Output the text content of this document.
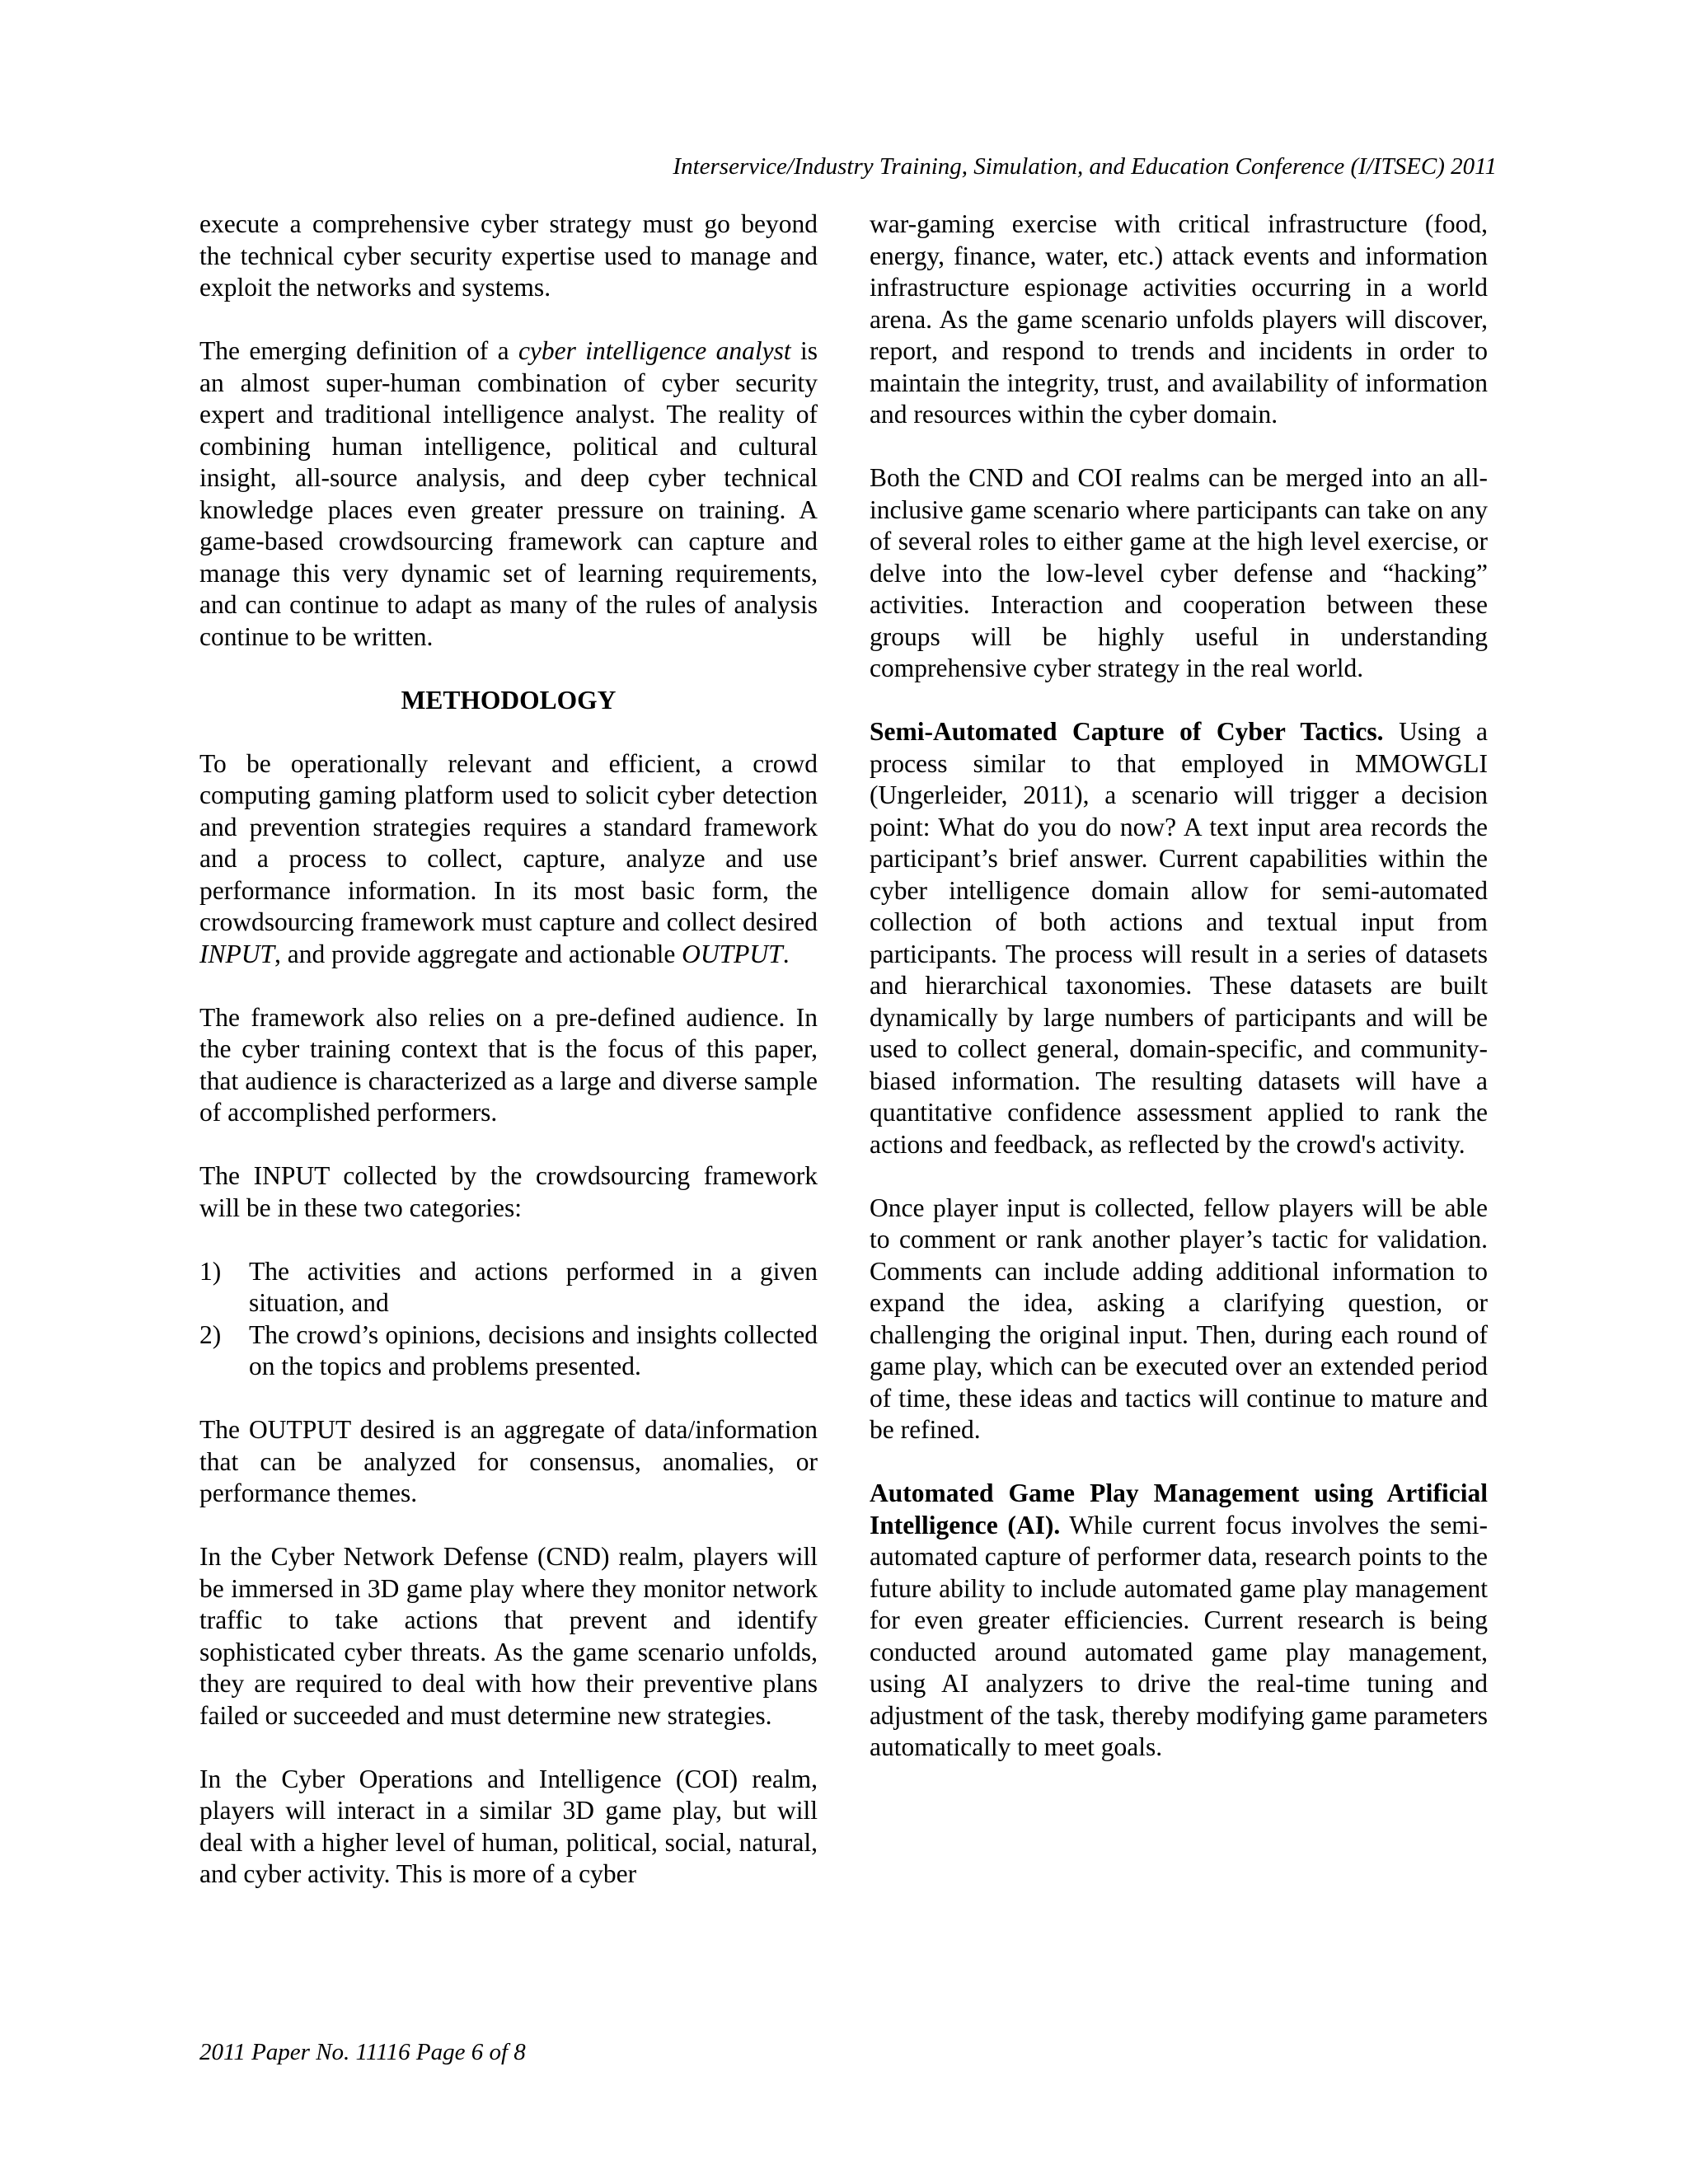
Interservice/Industry Training, Simulation, and Education Conference (I/ITSEC) 2011

execute a comprehensive cyber strategy must go beyond the technical cyber security expertise used to manage and exploit the networks and systems.

The emerging definition of a cyber intelligence analyst is an almost super-human combination of cyber security expert and traditional intelligence analyst. The reality of combining human intelligence, political and cultural insight, all-source analysis, and deep cyber technical knowledge places even greater pressure on training. A game-based crowdsourcing framework can capture and manage this very dynamic set of learning requirements, and can continue to adapt as many of the rules of analysis continue to be written.

METHODOLOGY

To be operationally relevant and efficient, a crowd computing gaming platform used to solicit cyber detection and prevention strategies requires a standard framework and a process to collect, capture, analyze and use performance information. In its most basic form, the crowdsourcing framework must capture and collect desired INPUT, and provide aggregate and actionable OUTPUT.

The framework also relies on a pre-defined audience. In the cyber training context that is the focus of this paper, that audience is characterized as a large and diverse sample of accomplished performers.

The INPUT collected by the crowdsourcing framework will be in these two categories:

1) The activities and actions performed in a given situation, and
2) The crowd’s opinions, decisions and insights collected on the topics and problems presented.

The OUTPUT desired is an aggregate of data/information that can be analyzed for consensus, anomalies, or performance themes.

In the Cyber Network Defense (CND) realm, players will be immersed in 3D game play where they monitor network traffic to take actions that prevent and identify sophisticated cyber threats. As the game scenario unfolds, they are required to deal with how their preventive plans failed or succeeded and must determine new strategies.

In the Cyber Operations and Intelligence (COI) realm, players will interact in a similar 3D game play, but will deal with a higher level of human, political, social, natural, and cyber activity. This is more of a cyber

war-gaming exercise with critical infrastructure (food, energy, finance, water, etc.) attack events and information infrastructure espionage activities occurring in a world arena. As the game scenario unfolds players will discover, report, and respond to trends and incidents in order to maintain the integrity, trust, and availability of information and resources within the cyber domain.

Both the CND and COI realms can be merged into an all-inclusive game scenario where participants can take on any of several roles to either game at the high level exercise, or delve into the low-level cyber defense and “hacking” activities. Interaction and cooperation between these groups will be highly useful in understanding comprehensive cyber strategy in the real world.

Semi-Automated Capture of Cyber Tactics. Using a process similar to that employed in MMOWGLI (Ungerleider, 2011), a scenario will trigger a decision point: What do you do now? A text input area records the participant’s brief answer. Current capabilities within the cyber intelligence domain allow for semi-automated collection of both actions and textual input from participants. The process will result in a series of datasets and hierarchical taxonomies. These datasets are built dynamically by large numbers of participants and will be used to collect general, domain-specific, and community-biased information. The resulting datasets will have a quantitative confidence assessment applied to rank the actions and feedback, as reflected by the crowd's activity.

Once player input is collected, fellow players will be able to comment or rank another player’s tactic for validation. Comments can include adding additional information to expand the idea, asking a clarifying question, or challenging the original input. Then, during each round of game play, which can be executed over an extended period of time, these ideas and tactics will continue to mature and be refined.

Automated Game Play Management using Artificial Intelligence (AI). While current focus involves the semi-automated capture of performer data, research points to the future ability to include automated game play management for even greater efficiencies. Current research is being conducted around automated game play management, using AI analyzers to drive the real-time tuning and adjustment of the task, thereby modifying game parameters automatically to meet goals.

2011 Paper No. 11116 Page 6 of 8
